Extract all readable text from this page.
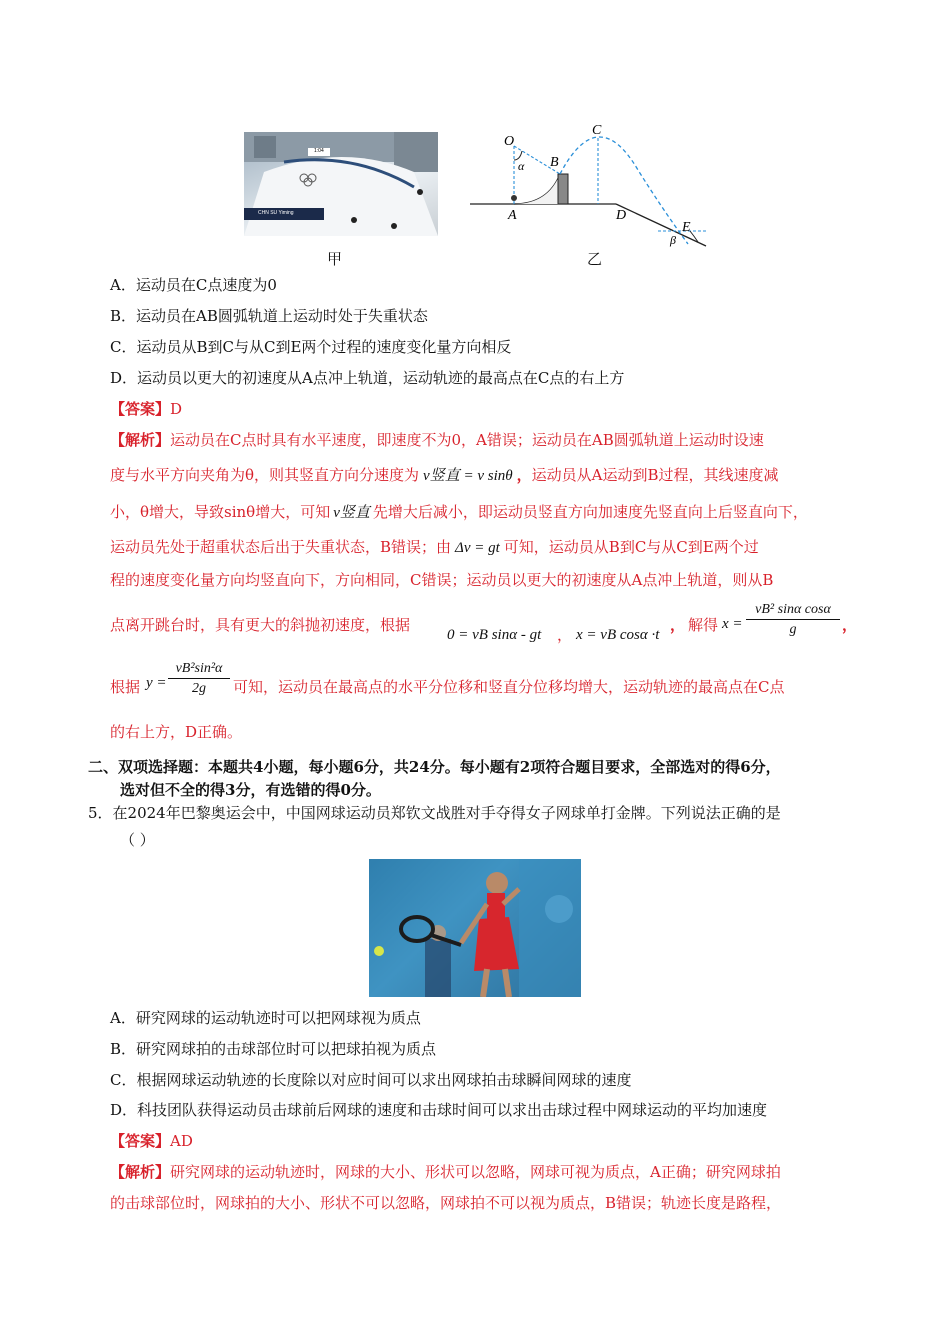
CHN SU Yiming
1:04
甲
O
α B
C
A	D
E
β
乙
A．运动员在C点速度为0
B．运动员在AB圆弧轨道上运动时处于失重状态
C．运动员从B到C与从C到E两个过程的速度变化量方向相反
D．运动员以更大的初速度从A点冲上轨道，运动轨迹的最高点在C点的右上方
【答案】D
【解析】运动员在C点时具有水平速度，即速度不为0，A错误；运动员在AB圆弧轨道上运动时设速
度与水平方向夹角为θ，则其竖直方向分速度为 v竖直 = v sinθ ，运动员从A运动到B过程，其线速度减
小，θ增大，导致sinθ增大，可知 v竖直 先增大后减小，即运动员竖直方向加速度先竖直向上后竖直向下，
运动员先处于超重状态后出于失重状态，B错误；由 Δv = gt 可知，运动员从B到C与从C到E两个过
程的速度变化量方向均竖直向下，方向相同，C错误；运动员以更大的初速度从A点冲上轨道，则从B
点离开跳台时，具有更大的斜抛初速度，根据
0 = vB sinα - gt ， x = vB cosα ·t
， 解得 $x = \frac{\text{vB² sinα cosα}}{g}$ ，
根据 $y = \frac{\text{vB²sin²α}}{2g}$ 可知，运动员在最高点的水平分位移和竖直分位移均增大，运动轨迹的最高点在C点
的右上方，D正确。
二、双项选择题：本题共4小题，每小题6分，共24分。每小题有2项符合题目要求，全部选对的得6分，
选对但不全的得3分，有选错的得0分。
5．在2024年巴黎奥运会中，中国网球运动员郑钦文战胜对手夺得女子网球单打金牌。下列说法正确的是
（ ）
A．研究网球的运动轨迹时可以把网球视为质点
B．研究网球拍的击球部位时可以把球拍视为质点
C．根据网球运动轨迹的长度除以对应时间可以求出网球拍击球瞬间网球的速度
D．科技团队获得运动员击球前后网球的速度和击球时间可以求出击球过程中网球运动的平均加速度
【答案】AD
【解析】研究网球的运动轨迹时，网球的大小、形状可以忽略，网球可视为质点，A正确；研究网球拍
的击球部位时，网球拍的大小、形状不可以忽略，网球拍不可以视为质点，B错误；轨迹长度是路程，
